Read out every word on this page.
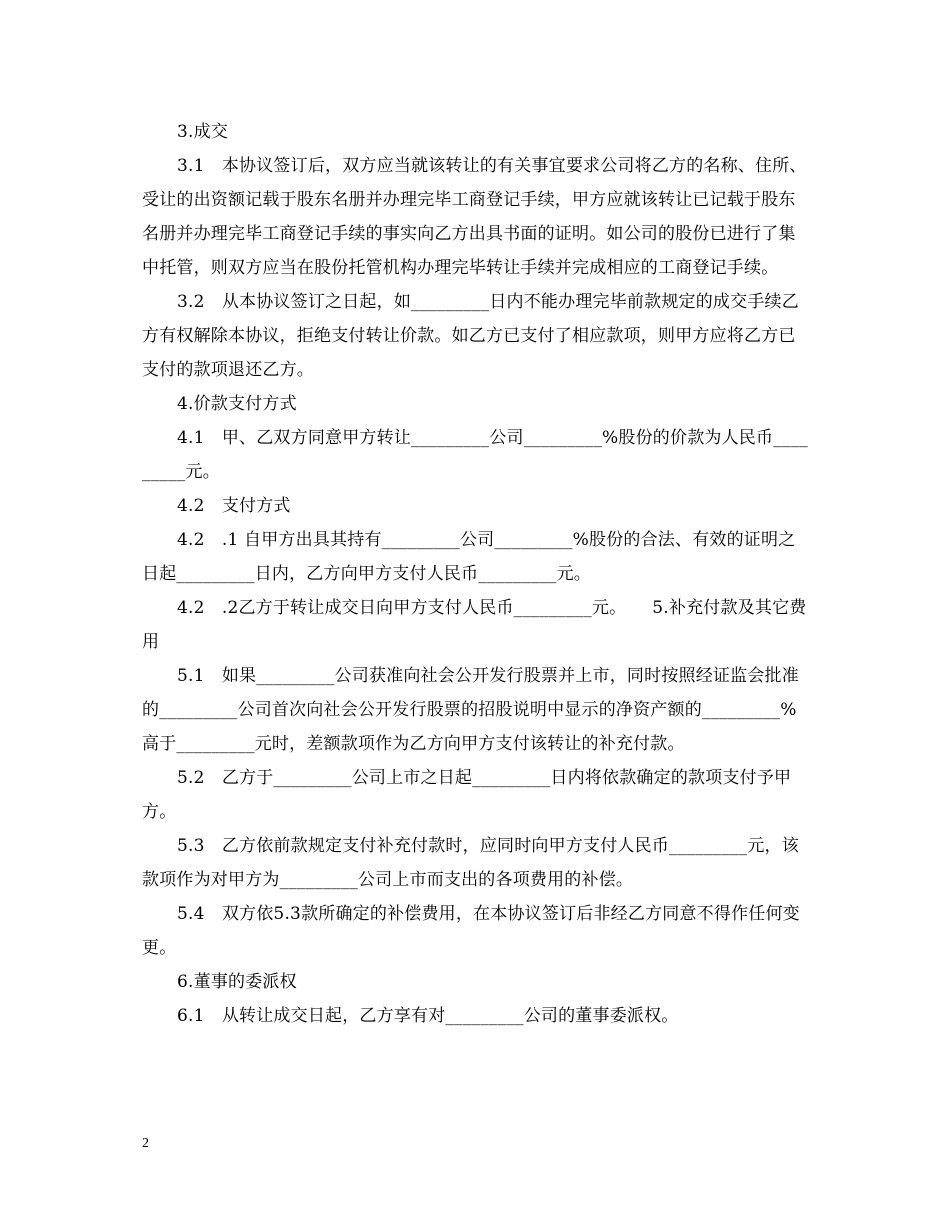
3.成交

3.1　本协议签订后，双方应当就该转让的有关事宜要求公司将乙方的名称、住所、受让的出资额记载于股东名册并办理完毕工商登记手续，甲方应就该转让已记载于股东名册并办理完毕工商登记手续的事实向乙方出具书面的证明。如公司的股份已进行了集中托管，则双方应当在股份托管机构办理完毕转让手续并完成相应的工商登记手续。

3.2　从本协议签订之日起，如_________日内不能办理完毕前款规定的成交手续乙方有权解除本协议，拒绝支付转让价款。如乙方已支付了相应款项，则甲方应将乙方已支付的款项退还乙方。

4.价款支付方式

4.1　甲、乙双方同意甲方转让_________公司_________%股份的价款为人民币_________元。

4.2　支付方式

4.2　.1 自甲方出具其持有_________公司_________%股份的合法、有效的证明之日起_________日内，乙方向甲方支付人民币_________元。

4.2　.2乙方于转让成交日向甲方支付人民币_________元。　　5.补充付款及其它费用

5.1　如果_________公司获准向社会公开发行股票并上市，同时按照经证监会批准的_________公司首次向社会公开发行股票的招股说明中显示的净资产额的_________%高于_________元时，差额款项作为乙方向甲方支付该转让的补充付款。

5.2　乙方于_________公司上市之日起_________日内将依款确定的款项支付予甲方。

5.3　乙方依前款规定支付补充付款时，应同时向甲方支付人民币_________元，该款项作为对甲方为_________公司上市而支出的各项费用的补偿。

5.4　双方依5.3款所确定的补偿费用，在本协议签订后非经乙方同意不得作任何变更。

6.董事的委派权

6.1　从转让成交日起，乙方享有对_________公司的董事委派权。

2
